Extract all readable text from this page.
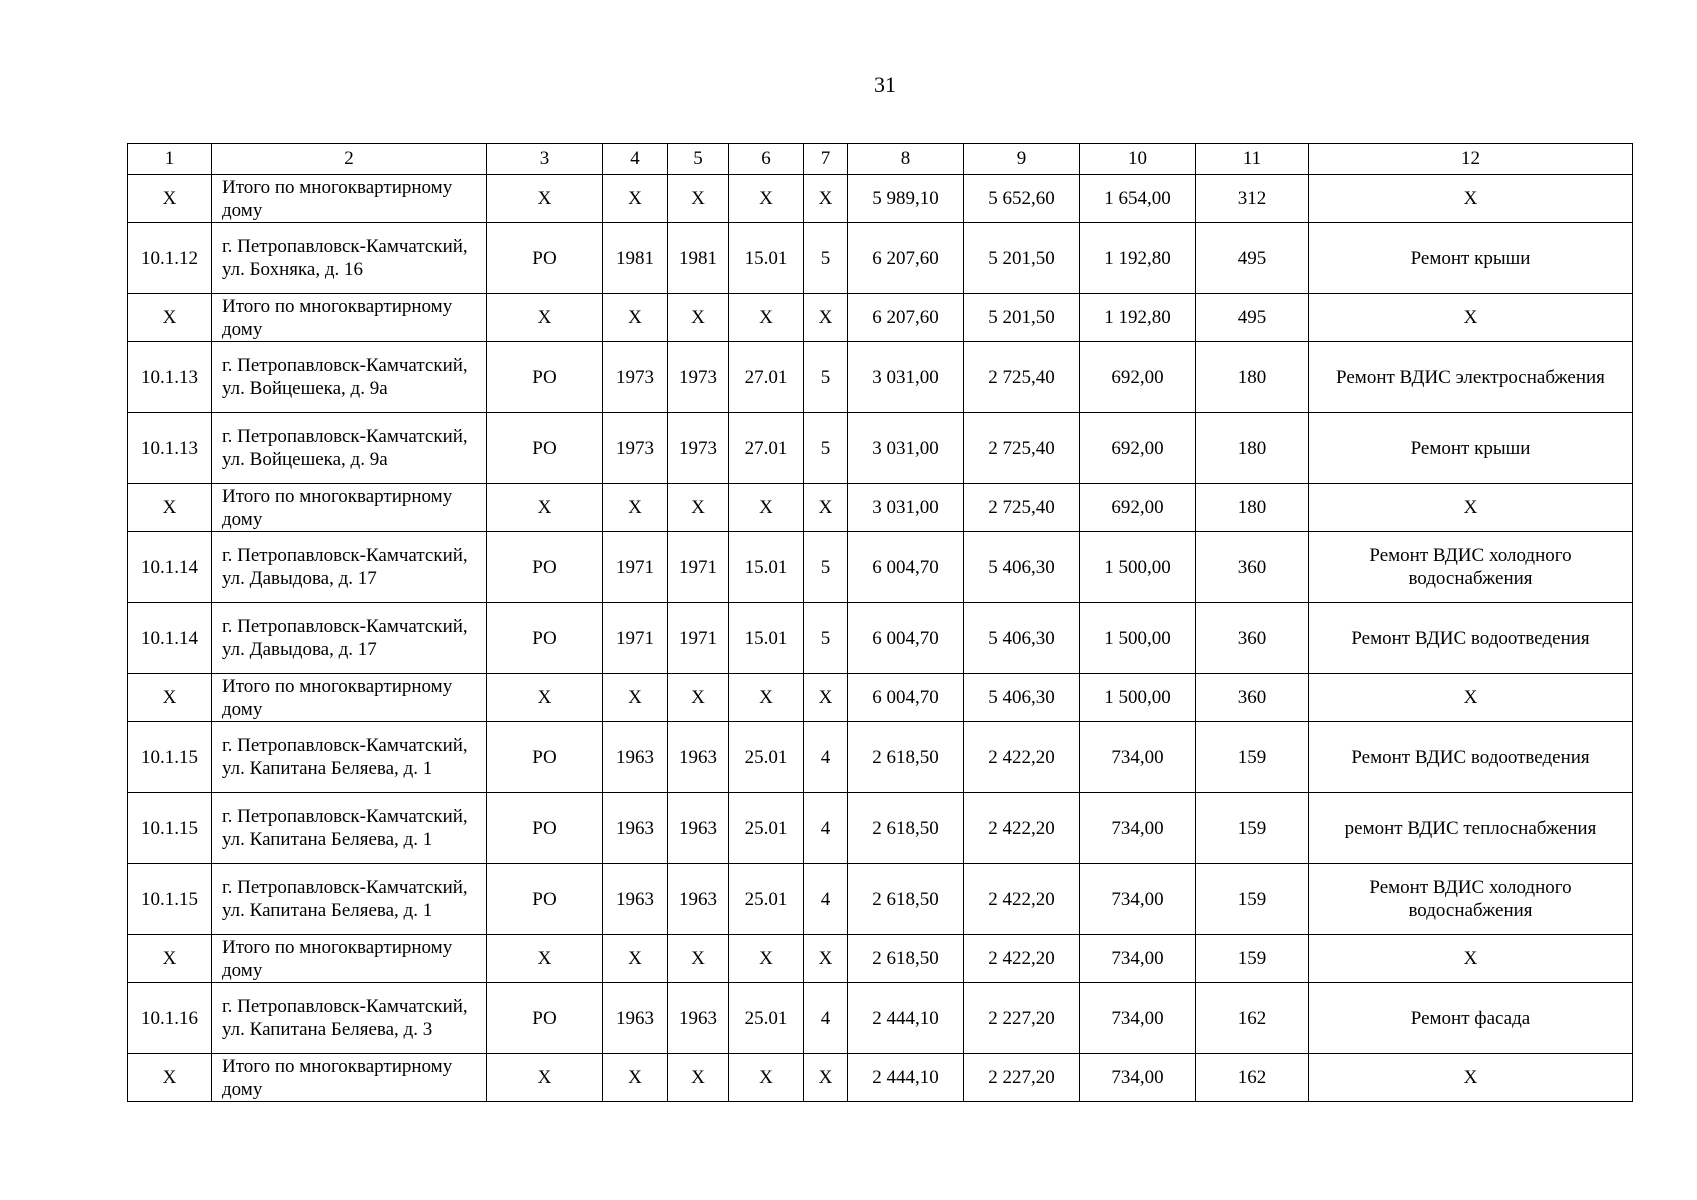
31
1	2	3	4	5	6	7	8	9	10	11	12
Х	Итого по многоквартирному дому	Х	Х	Х	Х	Х	5 989,10	5 652,60	1 654,00	312	Х
10.1.12	г. Петропавловск-Камчатский, ул. Бохняка, д. 16	РО	1981	1981	15.01	5	6 207,60	5 201,50	1 192,80	495	Ремонт крыши
Х	Итого по многоквартирному дому	Х	Х	Х	Х	Х	6 207,60	5 201,50	1 192,80	495	Х
10.1.13	г. Петропавловск-Камчатский, ул. Войцешека, д. 9а	РО	1973	1973	27.01	5	3 031,00	2 725,40	692,00	180	Ремонт ВДИС электроснабжения
10.1.13	г. Петропавловск-Камчатский, ул. Войцешека, д. 9а	РО	1973	1973	27.01	5	3 031,00	2 725,40	692,00	180	Ремонт крыши
Х	Итого по многоквартирному дому	Х	Х	Х	Х	Х	3 031,00	2 725,40	692,00	180	Х
10.1.14	г. Петропавловск-Камчатский, ул. Давыдова, д. 17	РО	1971	1971	15.01	5	6 004,70	5 406,30	1 500,00	360	Ремонт ВДИС холодного водоснабжения
10.1.14	г. Петропавловск-Камчатский, ул. Давыдова, д. 17	РО	1971	1971	15.01	5	6 004,70	5 406,30	1 500,00	360	Ремонт ВДИС водоотведения
Х	Итого по многоквартирному дому	Х	Х	Х	Х	Х	6 004,70	5 406,30	1 500,00	360	Х
10.1.15	г. Петропавловск-Камчатский, ул. Капитана Беляева, д. 1	РО	1963	1963	25.01	4	2 618,50	2 422,20	734,00	159	Ремонт ВДИС водоотведения
10.1.15	г. Петропавловск-Камчатский, ул. Капитана Беляева, д. 1	РО	1963	1963	25.01	4	2 618,50	2 422,20	734,00	159	ремонт ВДИС теплоснабжения
10.1.15	г. Петропавловск-Камчатский, ул. Капитана Беляева, д. 1	РО	1963	1963	25.01	4	2 618,50	2 422,20	734,00	159	Ремонт ВДИС холодного водоснабжения
Х	Итого по многоквартирному дому	Х	Х	Х	Х	Х	2 618,50	2 422,20	734,00	159	Х
10.1.16	г. Петропавловск-Камчатский, ул. Капитана Беляева, д. 3	РО	1963	1963	25.01	4	2 444,10	2 227,20	734,00	162	Ремонт фасада
Х	Итого по многоквартирному дому	Х	Х	Х	Х	Х	2 444,10	2 227,20	734,00	162	Х
